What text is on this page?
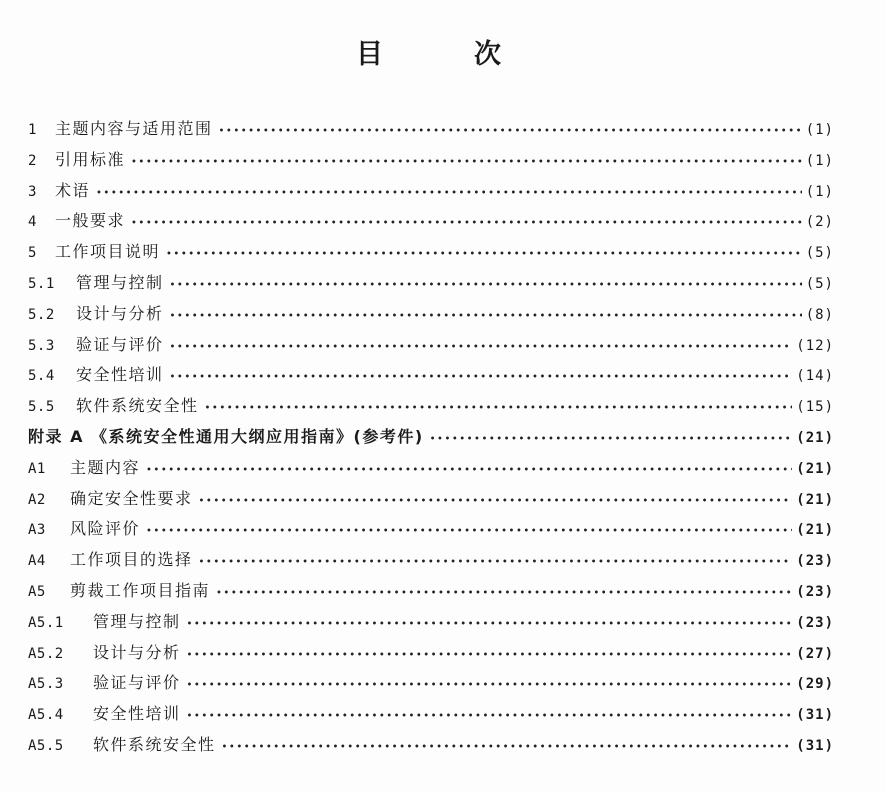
目	次
1	主题内容与适用范围 •••••	(1)
2	引用标准 •••••	(1)
3	术语 •••••	(1)
4	一般要求 •••••	(2)
5	工作项目说明 •••••	(5)
5.1	管理与控制 •••••	(5)
5.2	设计与分析 •••••	(8)
5.3	验证与评价 •••••	(12)
5.4	安全性培训 •••••	(14)
5.5	软件系统安全性 •••••	(15)
附录 A 《系统安全性通用大纲应用指南》(参考件) •••••	(21)
A1	主题内容 •••••	(21)
A2	确定安全性要求 •••••	(21)
A3	风险评价 •••••	(21)
A4	工作项目的选择 •••••	(23)
A5	剪裁工作项目指南 •••••	(23)
A5.1	管理与控制 •••••	(23)
A5.2	设计与分析 •••••	(27)
A5.3	验证与评价 •••••	(29)
A5.4	安全性培训 •••••	(31)
A5.5	软件系统安全性 •••••	(31)
